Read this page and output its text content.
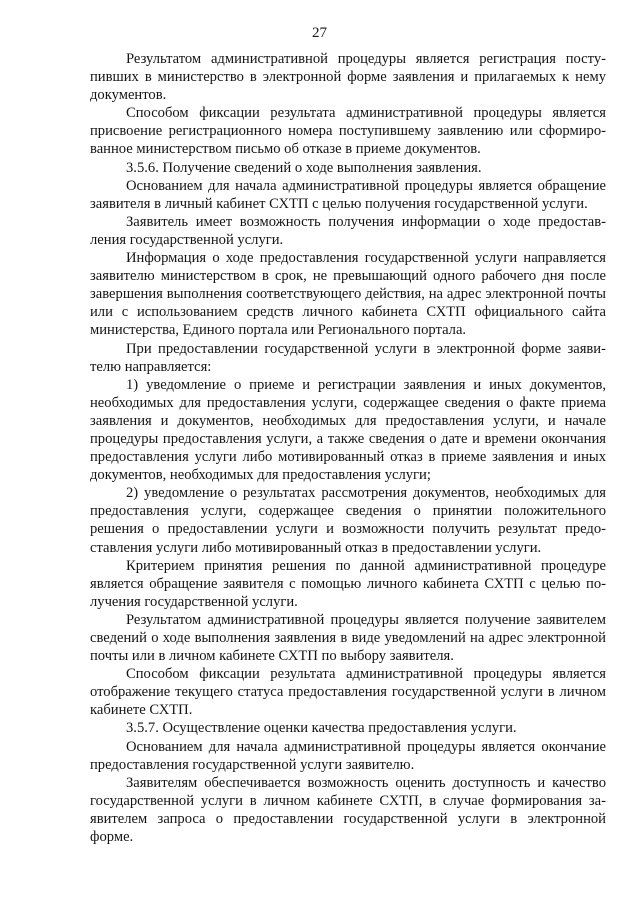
27

Результатом административной процедуры является регистрация поступивших в министерство в электронной форме заявления и прилагаемых к нему документов.

Способом фиксации результата административной процедуры является присвоение регистрационного номера поступившему заявлению или сформированное министерством письмо об отказе в приеме документов.

3.5.6. Получение сведений о ходе выполнения заявления.

Основанием для начала административной процедуры является обращение заявителя в личный кабинет СХТП с целью получения государственной услуги.

Заявитель имеет возможность получения информации о ходе предоставления государственной услуги.

Информация о ходе предоставления государственной услуги направляется заявителю министерством в срок, не превышающий одного рабочего дня после завершения выполнения соответствующего действия, на адрес электронной почты или с использованием средств личного кабинета СХТП официального сайта министерства, Единого портала или Регионального портала.

При предоставлении государственной услуги в электронной форме заявителю направляется:

1) уведомление о приеме и регистрации заявления и иных документов, необходимых для предоставления услуги, содержащее сведения о факте приема заявления и документов, необходимых для предоставления услуги, и начале процедуры предоставления услуги, а также сведения о дате и времени окончания предоставления услуги либо мотивированный отказ в приеме заявления и иных документов, необходимых для предоставления услуги;

2) уведомление о результатах рассмотрения документов, необходимых для предоставления услуги, содержащее сведения о принятии положительного решения о предоставлении услуги и возможности получить результат предоставления услуги либо мотивированный отказ в предоставлении услуги.

Критерием принятия решения по данной административной процедуре является обращение заявителя с помощью личного кабинета СХТП с целью получения государственной услуги.

Результатом административной процедуры является получение заявителем сведений о ходе выполнения заявления в виде уведомлений на адрес электронной почты или в личном кабинете СХТП по выбору заявителя.

Способом фиксации результата административной процедуры является отображение текущего статуса предоставления государственной услуги в личном кабинете СХТП.

3.5.7. Осуществление оценки качества предоставления услуги.

Основанием для начала административной процедуры является окончание предоставления государственной услуги заявителю.

Заявителям обеспечивается возможность оценить доступность и качество государственной услуги в личном кабинете СХТП, в случае формирования заявителем запроса о предоставлении государственной услуги в электронной форме.
